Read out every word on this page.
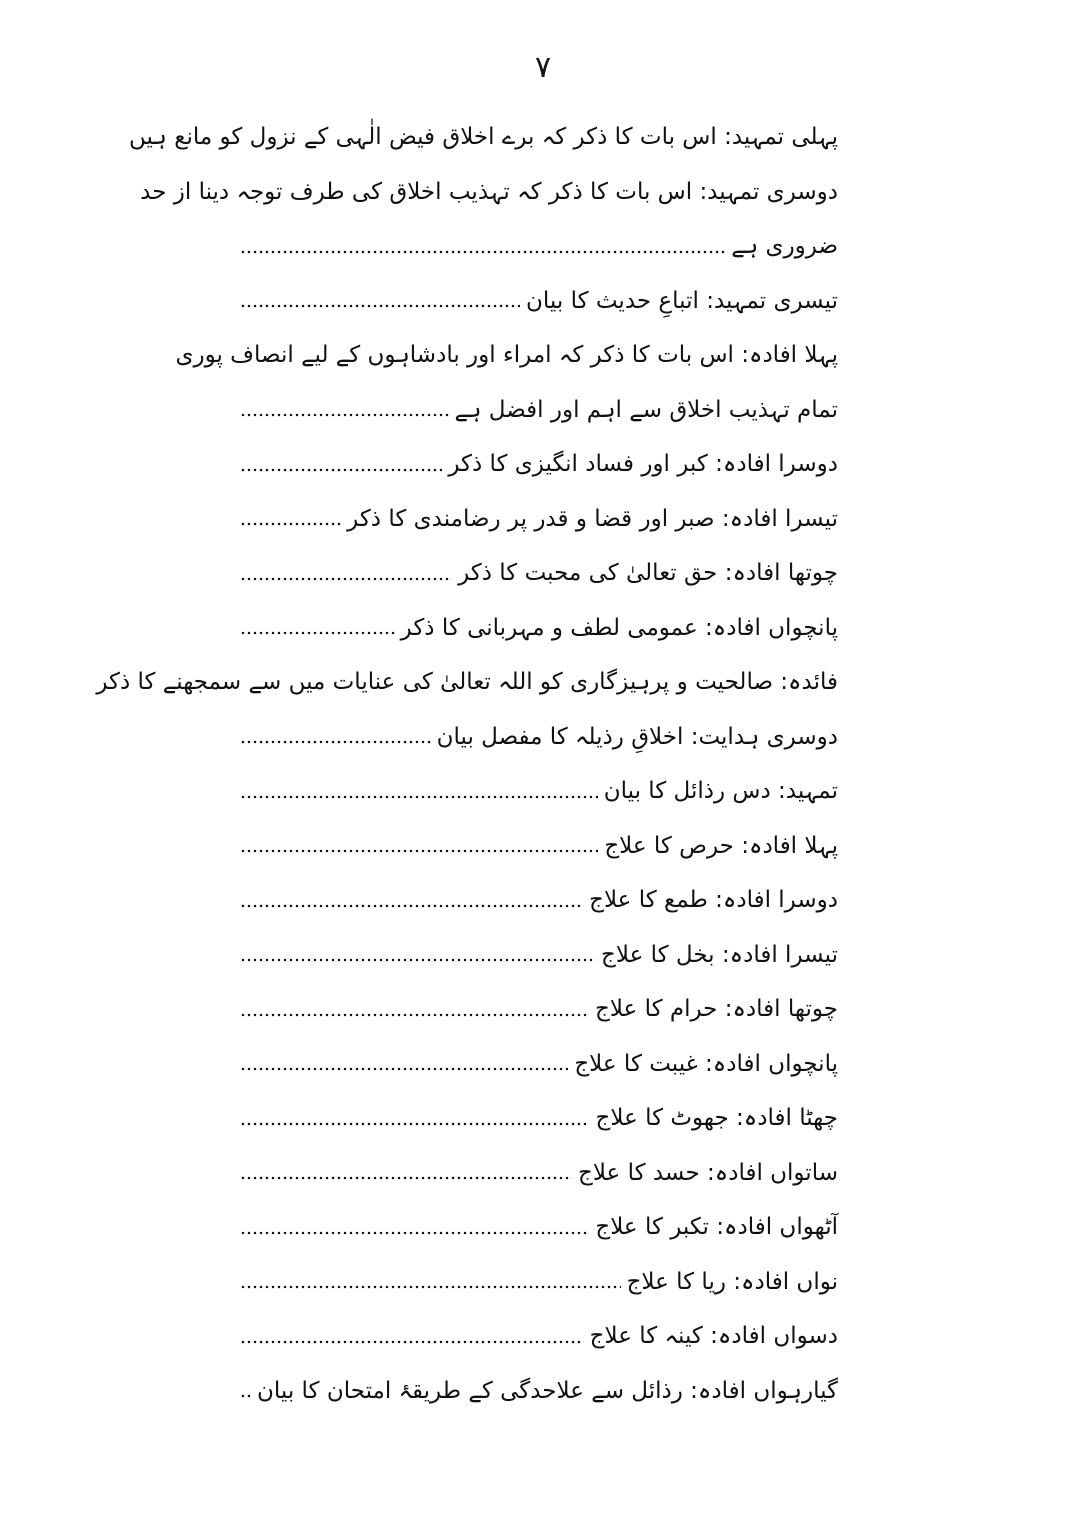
۷
پہلی تمہید: اس بات کا ذکر کہ برے اخلاق فیض الٰہی کے نزول کو مانع ہیں
دوسری تمہید: اس بات کا ذکر کہ تہذیب اخلاق کی طرف توجہ دینا از حد
ضروری ہے
تیسری تمہید: اتباعِ حدیث کا بیان
پہلا افادہ: اس بات کا ذکر کہ امراء اور بادشاہوں کے لیے انصاف پوری
تمام تہذیب اخلاق سے اہم اور افضل ہے
دوسرا افادہ: کبر اور فساد انگیزی کا ذکر
تیسرا افادہ: صبر اور قضا و قدر پر رضامندی کا ذکر
چوتھا افادہ: حق تعالیٰ کی محبت کا ذکر
پانچواں افادہ: عمومی لطف و مہربانی کا ذکر
فائدہ: صالحیت و پرہیزگاری کو اللہ تعالیٰ کی عنایات میں سے سمجھنے کا ذکر
دوسری ہدایت: اخلاقِ رذیلہ کا مفصل بیان
تمہید: دس رذائل کا بیان
پہلا افادہ: حرص کا علاج
دوسرا افادہ: طمع کا علاج
تیسرا افادہ: بخل کا علاج
چوتھا افادہ: حرام کا علاج
پانچواں افادہ: غیبت کا علاج
چھٹا افادہ: جھوٹ کا علاج
ساتواں افادہ: حسد کا علاج
آٹھواں افادہ: تکبر کا علاج
نواں افادہ: ریا کا علاج
دسواں افادہ: کینہ کا علاج
گیارہواں افادہ: رذائل سے علاحدگی کے طریقۂ امتحان کا بیان
